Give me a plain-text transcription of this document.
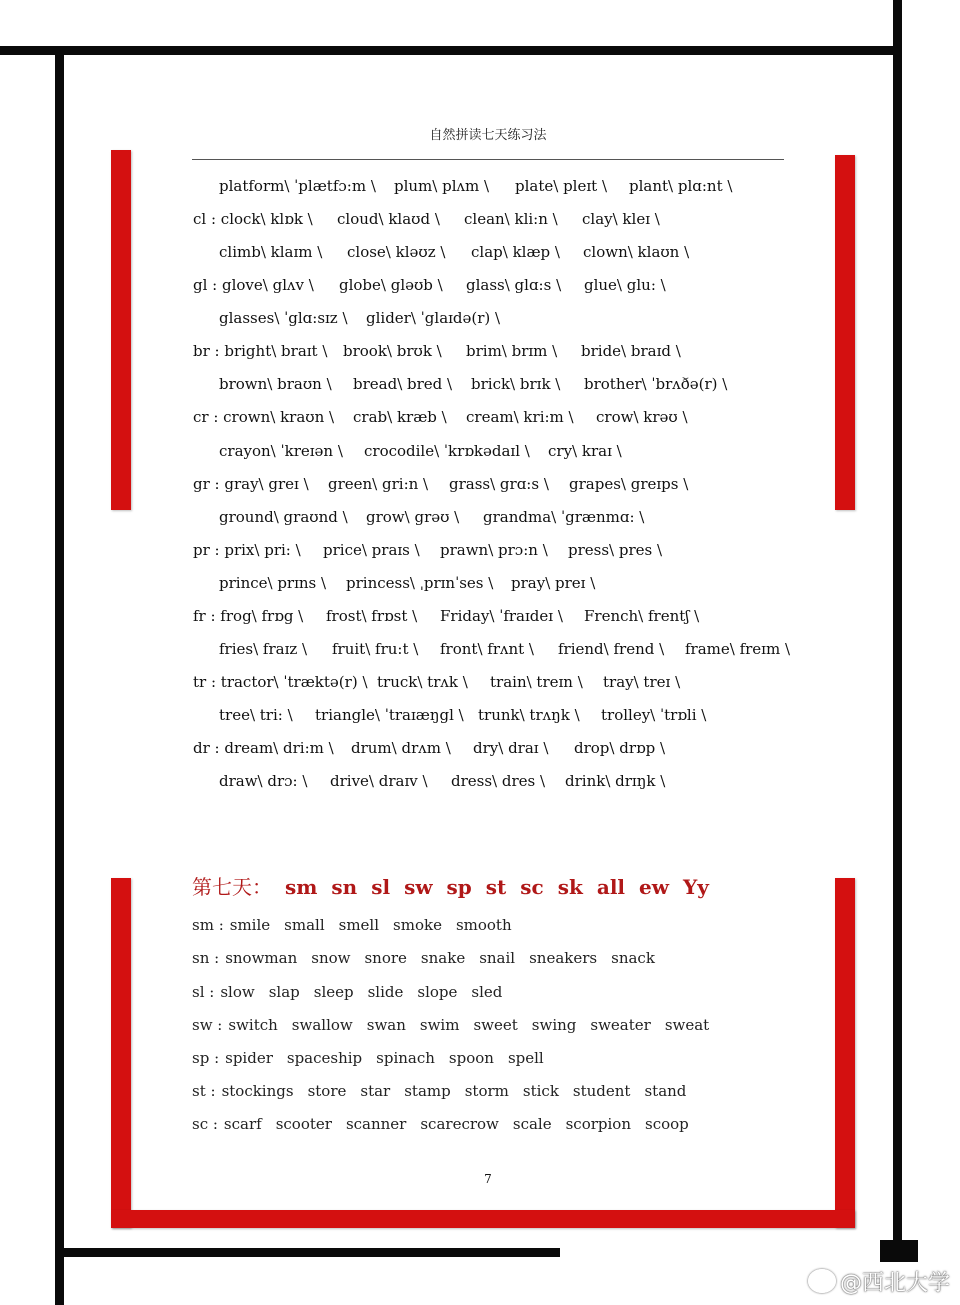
自然拼读七天练习法
platform\ ˈplætfɔ:m \ plum\ plʌm \ plate\ pleɪt \ plant\ plɑ:nt \
cl : clock\ klɒk \ cloud\ klaʊd \ clean\ kli:n \ clay\ kleɪ \
climb\ klaɪm \ close\ kləʊz \ clap\ klæp \ clown\ klaʊn \
gl : glove\ glʌv \ globe\ gləʊb \ glass\ glɑ:s \ glue\ glu: \
glasses\ ˈglɑ:sɪz \ glider\ ˈglaɪdə(r) \
br : bright\ braɪt \ brook\ brʊk \ brim\ brɪm \ bride\ braɪd \
brown\ braʊn \ bread\ bred \ brick\ brɪk \ brother\ ˈbrʌðə(r) \
cr : crown\ kraʊn \ crab\ kræb \ cream\ kri:m \ crow\ krəʊ \
crayon\ ˈkreɪən \ crocodile\ ˈkrɒkədaɪl \ cry\ kraɪ \
gr : gray\ greɪ \ green\ gri:n \ grass\ grɑ:s \ grapes\ greɪps \
ground\ graʊnd \ grow\ grəʊ \ grandma\ ˈgrænmɑ: \
pr : prix\ pri: \ price\ praɪs \ prawn\ prɔ:n \ press\ pres \
prince\ prɪns \ princess\ ˌprɪnˈses \ pray\ preɪ \
fr : frog\ frɒg \ frost\ frɒst \ Friday\ ˈfraɪdeɪ \ French\ frentʃ \
fries\ fraɪz \ fruit\ fru:t \ front\ frʌnt \ friend\ frend \ frame\ freɪm \
tr : tractor\ ˈtræktə(r) \ truck\ trʌk \ train\ treɪn \ tray\ treɪ \
tree\ tri: \ triangle\ ˈtraɪæŋgl \ trunk\ trʌŋk \ trolley\ ˈtrɒli \
dr : dream\ dri:m \ drum\ drʌm \ dry\ draɪ \ drop\ drɒp \
draw\ drɔ: \ drive\ draɪv \ dress\ dres \ drink\ drɪŋk \
第七天： sm sn sl sw sp st sc sk all ew Yy
sm : smile small smell smoke smooth
sn : snowman snow snore snake snail sneakers snack
sl : slow slap sleep slide slope sled
sw : switch swallow swan swim sweet swing sweater sweat
sp : spider spaceship spinach spoon spell
st : stockings store star stamp storm stick student stand
sc : scarf scooter scanner scarecrow scale scorpion scoop
7
@西北大学
